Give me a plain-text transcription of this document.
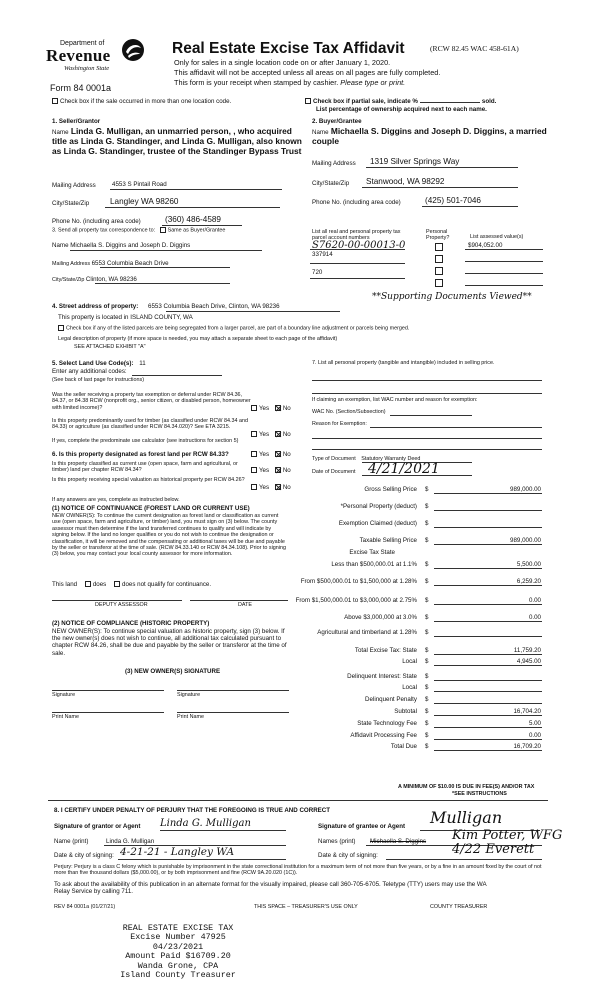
Department of
Revenue
Washington State
Form 84 0001a
Real Estate Excise Tax Affidavit	(RCW 82.45 WAC 458-61A)
Only for sales in a single location code on or after January 1, 2020.
This affidavit will not be accepted unless all areas on all pages are fully completed.
This form is your receipt when stamped by cashier. Please type or print.
Check box if the sale occurred in more than one location code.	Check box if partial sale, indicate %	sold.
List percentage of ownership acquired next to each name.
1. Seller/Grantor
Name Linda G. Mulligan, an unmarried person, , who acquired title as Linda G. Standinger, and Linda G. Mulligan, also known as Linda G. Standinger, trustee of the Standinger Bypass Trust
Mailing Address	4553 S Pintail Road
City/State/Zip	Langley WA 98260
Phone No. (including area code)	(360) 486-4589
2. Buyer/Grantee
Name Michaella S. Diggins and Joseph D. Diggins, a married couple
Mailing Address 1319 Silver Springs Way
City/State/Zip Stanwood, WA 98292
Phone No. (including area code)	(425) 501-7046
3. Send all property tax correspondence to: Same as Buyer/Grantee
Name Michaella S. Diggins and Joseph D. Diggins
Mailing Address 6553 Columbia Beach Drive
City/State/Zip Clinton, WA 98236
List all real and personal property tax parcel account numbers
Personal Property?	List assessed value(s)
S7620-00-00013-0	$904,052.00
337914
720
**Supporting Documents Viewed**
4. Street address of property: 6553 Columbia Beach Drive, Clinton, WA 98236
This property is located in ISLAND COUNTY, WA
Check box if any of the listed parcels are being segregated from a larger parcel, are part of a boundary line adjustment or parcels being merged.
Legal description of property (if more space is needed, you may attach a separate sheet to each page of the affidavit)
SEE ATTACHED EXHIBIT "A"
5. Select Land Use Code(s): 11
Enter any additional codes:
(See back of last page for instructions)
Was the seller receiving a property tax exemption or deferral under RCW 84.36, 84.37, or 84.38 RCW (nonprofit org., senior citizen, or disabled person, homeowner with limited income)?	Yes No
Is this property predominantly used for timber (as classified under RCW 84.34 and 84.33) or agriculture (as classified under RCW 84.34.020)? See ETA 3215.
Yes No
If yes, complete the predominate use calculator (see instructions for section 5)
6. Is this property designated as forest land per RCW 84.33?	Yes No
Is this property classified as current use (open space, farm and agricultural, or timber) land per chapter RCW 84.34?	Yes No
Is this property receiving special valuation as historical property per RCW 84.26?
Yes No
If any answers are yes, complete as instructed below.
(1) NOTICE OF CONTINUANCE (FOREST LAND OR CURRENT USE)
NEW OWNER(S): To continue the current designation as forest land or classification as current use (open space, farm and agriculture, or timber) land, you must sign on (3) below. The county assessor must then determine if the land transferred continues to qualify and will indicate by signing below. If the land no longer qualifies or you do not wish to continue the designation or classification, it will be removed and the compensating or additional taxes will be due and payable by the seller or transferor at the time of sale. (RCW 84.33.140 or RCW 84.34.108). Prior to signing (3) below, you may contact your local county assessor for more information.
This land	does	does not qualify for continuance.
DEPUTY ASSESSOR	DATE
(2) NOTICE OF COMPLIANCE (HISTORIC PROPERTY)
NEW OWNER(S): To continue special valuation as historic property, sign (3) below. If the new owner(s) does not wish to continue, all additional tax calculated pursuant to chapter RCW 84.26, shall be due and payable by the seller or transferor at the time of sale.
(3) NEW OWNER(S) SIGNATURE
Signature	Signature
Print Name	Print Name
7. List all personal property (tangible and intangible) included in selling price.
If claiming an exemption, list WAC number and reason for exemption:
WAC No. (Section/Subsection)
Reason for Exemption:
Type of Document Statutory Warranty Deed
Date of Document 4/21/2021
Gross Selling Price $	989,000.00
*Personal Property (deduct) $
Exemption Claimed (deduct) $
Taxable Selling Price $	989,000.00
Excise Tax State
Less than $500,000.01 at 1.1% $	5,500.00
From $500,000.01 to $1,500,000 at 1.28% $	6,259.20
From $1,500,000.01 to $3,000,000 at 2.75% $	0.00
Above $3,000,000 at 3.0% $	0.00
Agricultural and timberland at 1.28% $
Total Excise Tax: State $	11,759.20
Local $	4,945.00
Delinquent Interest: State $
Local $
Delinquent Penalty $
Subtotal $	16,704.20
State Technology Fee $	5.00
Affidavit Processing Fee $	0.00
Total Due $	16,709.20
A MINIMUM OF $10.00 IS DUE IN FEE(S) AND/OR TAX
*SEE INSTRUCTIONS
8. I CERTIFY UNDER PENALTY OF PERJURY THAT THE FOREGOING IS TRUE AND CORRECT
Signature of grantor or Agent Linda G. Mulligan
Name (print)	Linda G. Mulligan
Date & city of signing: 4-21-21 - Langley WA
Signature of grantee or Agent Mulligan
Names (print) Michaella S. Diggins Kim Potter, WFG
Date & city of signing:	4/22 Everett
Perjury: Perjury is a class C felony which is punishable by imprisonment in the state correctional institution for a maximum term of not more than five years, or by a fine in an amount fixed by the court of not more than five thousand dollars ($5,000.00), or by both imprisonment and fine (RCW 9A.20.020 (1C)).
To ask about the availability of this publication in an alternate format for the visually impaired, please call 360-705-6705. Teletype (TTY) users may use the WA Relay Service by calling 711.
REV 84 0001a (01/27/21)	THIS SPACE – TREASURER'S USE ONLY	COUNTY TREASURER
REAL ESTATE EXCISE TAX
Excise Number 47925
04/23/2021
Amount Paid $16709.20
Wanda Grone, CPA
Island County Treasurer
